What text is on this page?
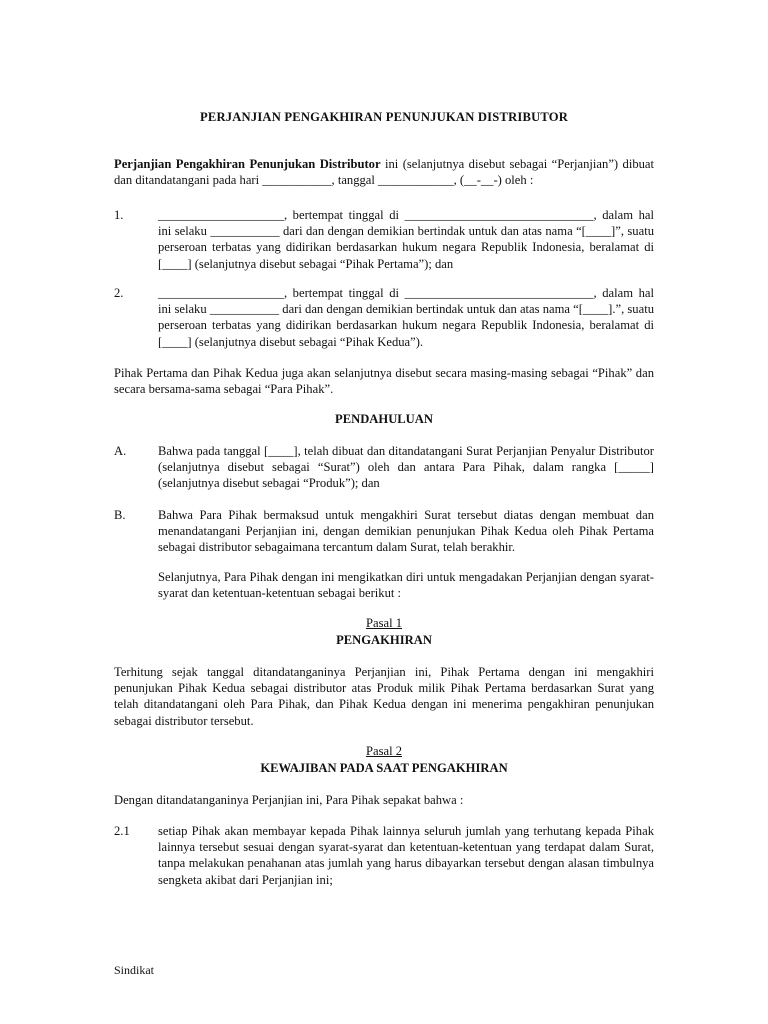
PERJANJIAN PENGAKHIRAN PENUNJUKAN DISTRIBUTOR

Perjanjian Pengakhiran Penunjukan Distributor ini (selanjutnya disebut sebagai “Perjanjian”) dibuat dan ditandatangani pada hari ___________, tanggal ____________, (__-__-) oleh :

1.	____________________, bertempat tinggal di ______________________________, dalam hal ini selaku ___________ dari dan dengan demikian bertindak untuk dan atas nama “[____]”, suatu perseroan terbatas yang didirikan berdasarkan hukum negara Republik Indonesia, beralamat di [____] (selanjutnya disebut sebagai “Pihak Pertama”); dan
2.	____________________, bertempat tinggal di ______________________________, dalam hal ini selaku ___________ dari dan dengan demikian bertindak untuk dan atas nama “[____].”, suatu perseroan terbatas yang didirikan berdasarkan hukum negara Republik Indonesia, beralamat di [____] (selanjutnya disebut sebagai “Pihak Kedua”).

Pihak Pertama dan Pihak Kedua juga akan selanjutnya disebut secara masing-masing sebagai “Pihak” dan secara bersama-sama sebagai “Para Pihak”.

PENDAHULUAN
A.	Bahwa pada tanggal [____], telah dibuat dan ditandatangani Surat Perjanjian Penyalur Distributor (selanjutnya disebut sebagai “Surat”) oleh dan antara Para Pihak, dalam rangka [_____] (selanjutnya disebut sebagai “Produk”); dan
B.	Bahwa Para Pihak bermaksud untuk mengakhiri Surat tersebut diatas dengan membuat dan menandatangani Perjanjian ini, dengan demikian penunjukan Pihak Kedua oleh Pihak Pertama sebagai distributor sebagaimana tercantum dalam Surat, telah berakhir.
Selanjutnya, Para Pihak dengan ini mengikatkan diri untuk mengadakan Perjanjian dengan syarat-syarat dan ketentuan-ketentuan sebagai berikut :
Pasal 1
PENGAKHIRAN

Terhitung sejak tanggal ditandatanganinya Perjanjian ini, Pihak Pertama dengan ini mengakhiri penunjukan Pihak Kedua sebagai distributor atas Produk milik Pihak Pertama berdasarkan Surat yang telah ditandatangani oleh Para Pihak, dan Pihak Kedua dengan ini menerima pengakhiran penunjukan sebagai distributor tersebut.

Pasal 2
KEWAJIBAN PADA SAAT PENGAKHIRAN

Dengan ditandatanganinya Perjanjian ini, Para Pihak sepakat bahwa :

2.1	setiap Pihak akan membayar kepada Pihak lainnya seluruh jumlah yang terhutang kepada Pihak lainnya tersebut sesuai dengan syarat-syarat dan ketentuan-ketentuan yang terdapat dalam Surat, tanpa melakukan penahanan atas jumlah yang harus dibayarkan tersebut dengan alasan timbulnya sengketa akibat dari Perjanjian ini;
Sindikat
